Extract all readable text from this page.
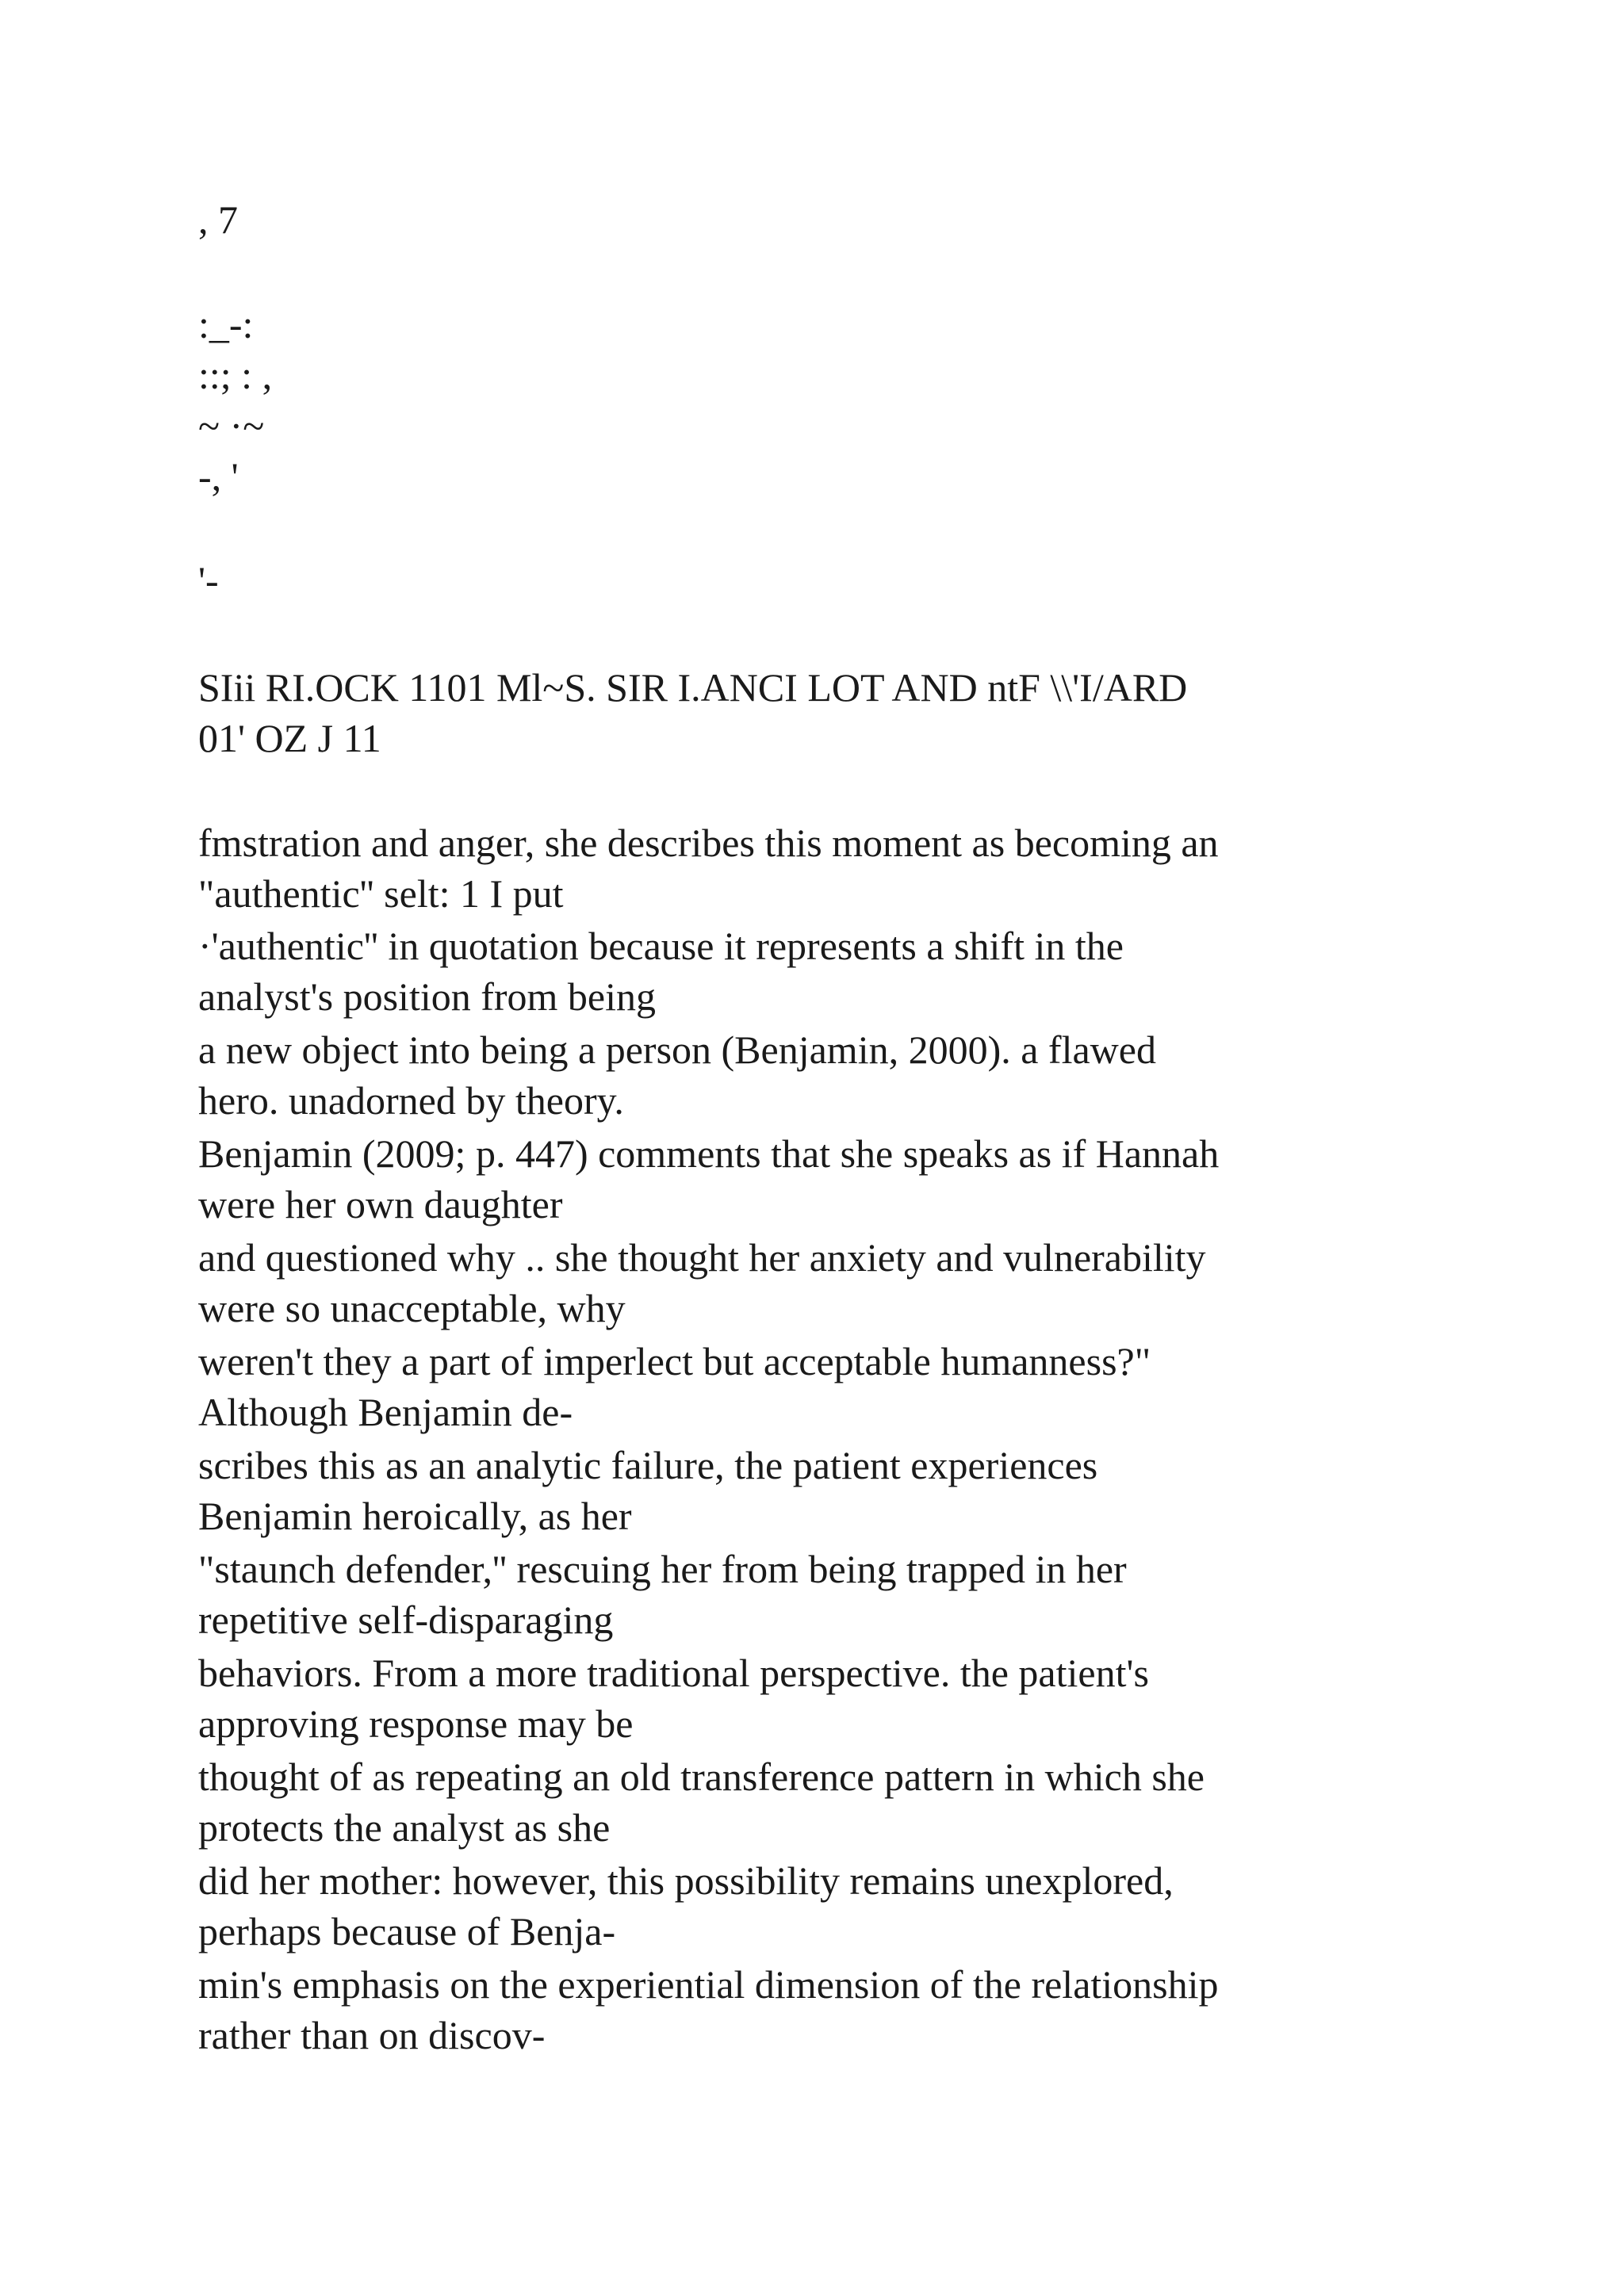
, 7

:_-:

::; : ,

~ ·~

-, '

'-

SIii RI.OCK 1101 Ml~S. SIR I.ANCI LOT AND ntF \\'I/ARD

01' OZ J 11

fmstration and anger, she describes this moment as becoming an

"authentic'' selt: 1 I put

·'authentic'' in quotation because it represents a shift in the

analyst's position from being

a new object into being a person (Benjamin, 2000). a flawed

hero. unadorned by theory.

Benjamin (2009; p. 447) comments that she speaks as if Hannah

were her own daughter

and questioned why .. she thought her anxiety and vulnerability

were so unacceptable, why

weren't they a part of imperlect but acceptable humanness?"

Although Benjamin de-

scribes this as an analytic failure, the patient experiences

Benjamin heroically, as her

"staunch defender,'' rescuing her from being trapped in her

repetitive self-disparaging

behaviors. From a more traditional perspective. the patient's

approving response may be

thought of as repeating an old transference pattern in which she

protects the analyst as she

did her mother: however, this possibility remains unexplored,

perhaps because of Benja-

min's emphasis on the experiential dimension of the relationship

rather than on discov-
